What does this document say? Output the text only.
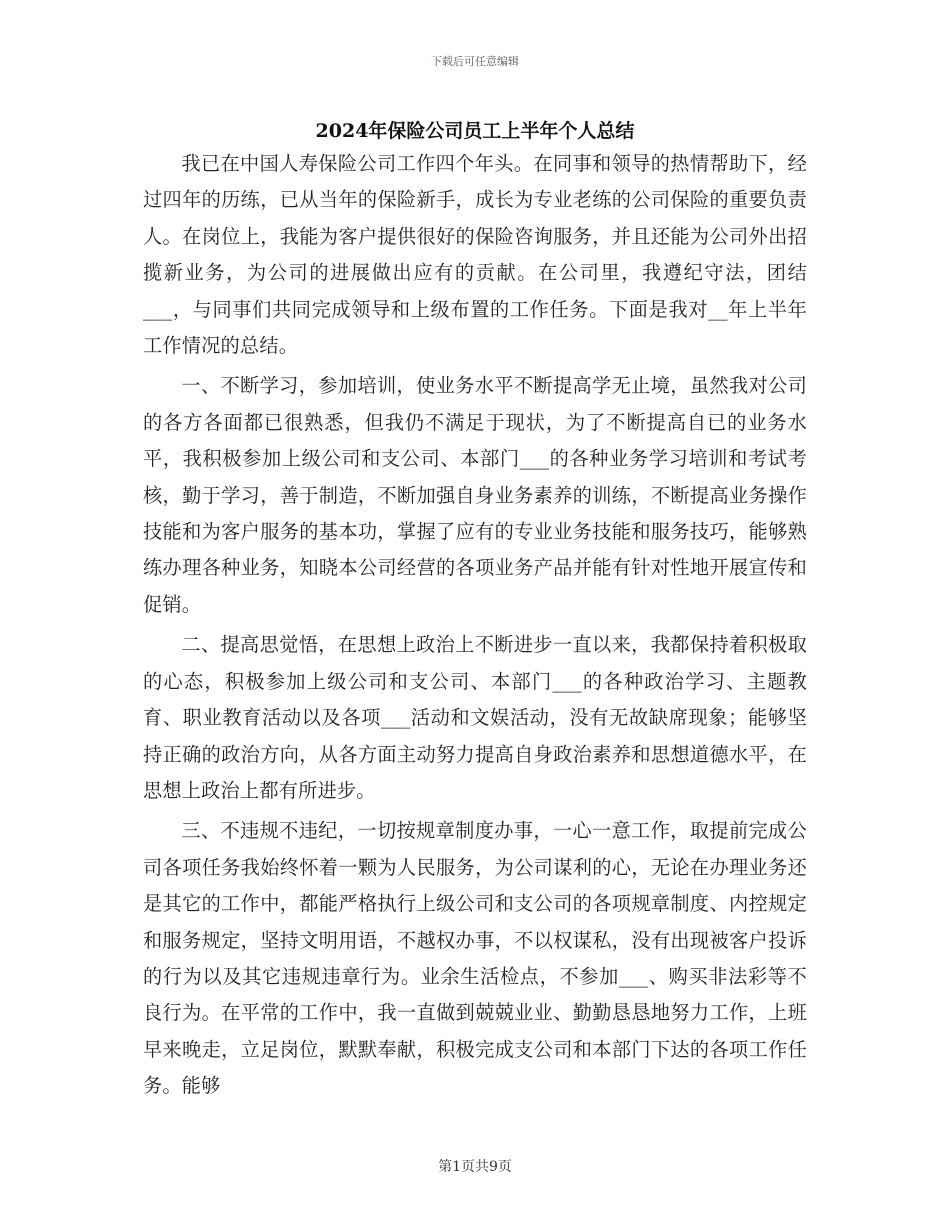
下载后可任意编辑
2024年保险公司员工上半年个人总结

我已在中国人寿保险公司工作四个年头。在同事和领导的热情帮助下，经过四年的历练，已从当年的保险新手，成长为专业老练的公司保险的重要负责人。在岗位上，我能为客户提供很好的保险咨询服务，并且还能为公司外出招揽新业务，为公司的进展做出应有的贡献。在公司里，我遵纪守法，团结___，与同事们共同完成领导和上级布置的工作任务。下面是我对__年上半年工作情况的总结。

一、不断学习，参加培训，使业务水平不断提高学无止境，虽然我对公司的各方各面都已很熟悉，但我仍不满足于现状，为了不断提高自已的业务水平，我积极参加上级公司和支公司、本部门___的各种业务学习培训和考试考核，勤于学习，善于制造，不断加强自身业务素养的训练，不断提高业务操作技能和为客户服务的基本功，掌握了应有的专业业务技能和服务技巧，能够熟练办理各种业务，知晓本公司经营的各项业务产品并能有针对性地开展宣传和促销。

二、提高思觉悟，在思想上政治上不断进步一直以来，我都保持着积极取的心态，积极参加上级公司和支公司、本部门___的各种政治学习、主题教育、职业教育活动以及各项___活动和文娱活动，没有无故缺席现象；能够坚持正确的政治方向，从各方面主动努力提高自身政治素养和思想道德水平，在思想上政治上都有所进步。

三、不违规不违纪，一切按规章制度办事，一心一意工作，取提前完成公司各项任务我始终怀着一颗为人民服务，为公司谋利的心，无论在办理业务还是其它的工作中，都能严格执行上级公司和支公司的各项规章制度、内控规定和服务规定，坚持文明用语，不越权办事，不以权谋私，没有出现被客户投诉的行为以及其它违规违章行为。业余生活检点，不参加___、购买非法彩等不良行为。在平常的工作中，我一直做到兢兢业业、勤勤恳恳地努力工作，上班早来晚走，立足岗位，默默奉献，积极完成支公司和本部门下达的各项工作任务。能够

第1页共9页
